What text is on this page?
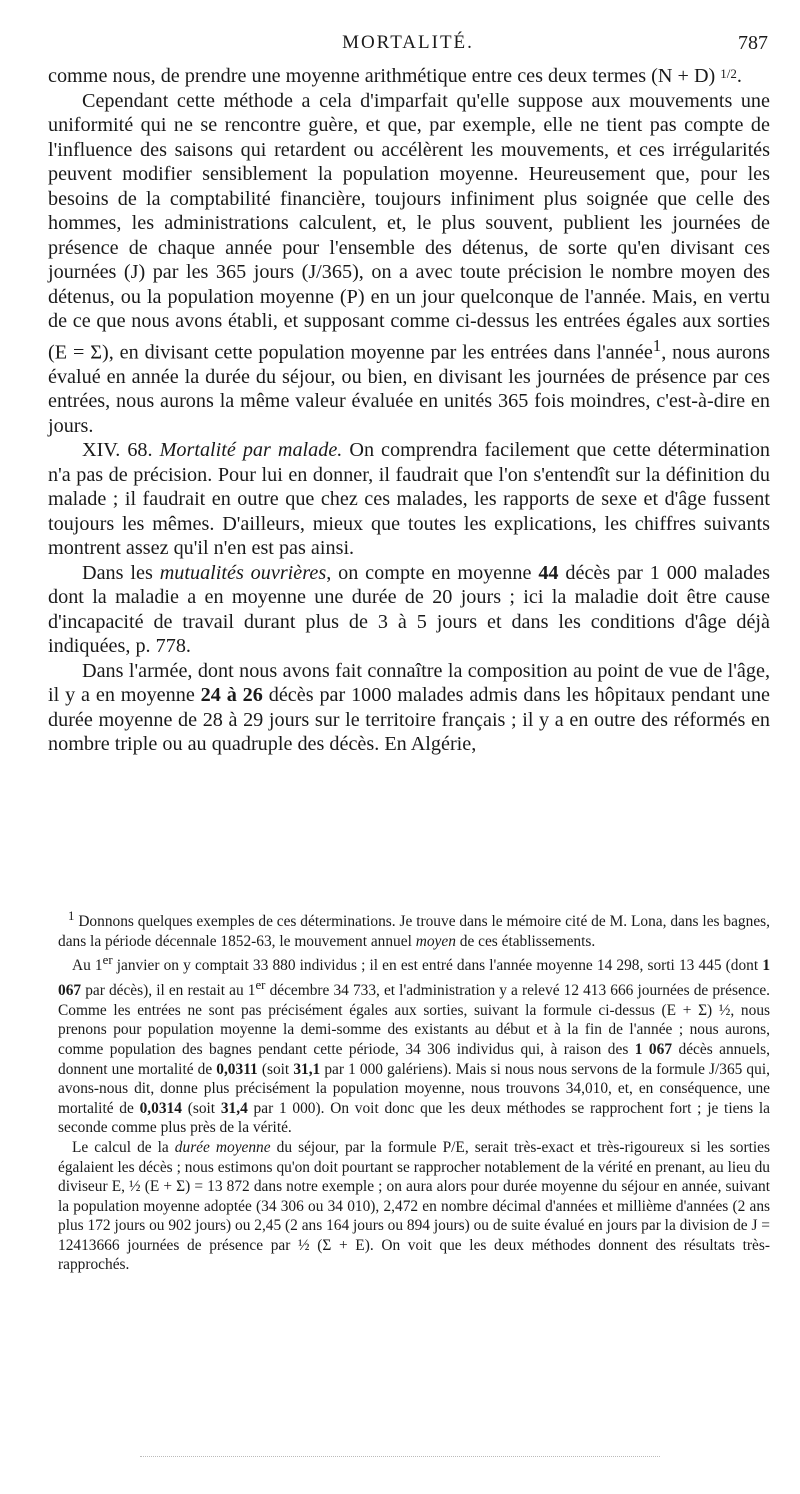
MORTALITÉ.	787

comme nous, de prendre une moyenne arithmétique entre ces deux termes (N + D) 1/2.

Cependant cette méthode a cela d'imparfait qu'elle suppose aux mouvements une uniformité qui ne se rencontre guère, et que, par exemple, elle ne tient pas compte de l'influence des saisons qui retardent ou accélèrent les mouvements, et ces irrégularités peuvent modifier sensiblement la population moyenne. Heureusement que, pour les besoins de la comptabilité financière, toujours infiniment plus soignée que celle des hommes, les administrations calculent, et, le plus souvent, publient les journées de présence de chaque année pour l'ensemble des détenus, de sorte qu'en divisant ces journées (J) par les 365 jours (J/365), on a avec toute précision le nombre moyen des détenus, ou la population moyenne (P) en un jour quelconque de l'année. Mais, en vertu de ce que nous avons établi, et supposant comme ci-dessus les entrées égales aux sorties (E = Σ), en divisant cette population moyenne par les entrées dans l'année$^1$, nous aurons évalué en année la durée du séjour, ou bien, en divisant les journées de présence par ces entrées, nous aurons la même valeur évaluée en unités 365 fois moindres, c'est-à-dire en jours.

XIV. 68. Mortalité par malade. On comprendra facilement que cette détermination n'a pas de précision. Pour lui en donner, il faudrait que l'on s'entendît sur la définition du malade ; il faudrait en outre que chez ces malades, les rapports de sexe et d'âge fussent toujours les mêmes. D'ailleurs, mieux que toutes les explications, les chiffres suivants montrent assez qu'il n'en est pas ainsi.

Dans les mutualités ouvrières, on compte en moyenne 44 décès par 1 000 malades dont la maladie a en moyenne une durée de 20 jours ; ici la maladie doit être cause d'incapacité de travail durant plus de 3 à 5 jours et dans les conditions d'âge déjà indiquées, p. 778.

Dans l'armée, dont nous avons fait connaître la composition au point de vue de l'âge, il y a en moyenne 24 à 26 décès par 1000 malades admis dans les hôpitaux pendant une durée moyenne de 28 à 29 jours sur le territoire français ; il y a en outre des réformés en nombre triple ou au quadruple des décès. En Algérie,

$^1$ Donnons quelques exemples de ces déterminations. Je trouve dans le mémoire cité de M. Lona, dans les bagnes, dans la période décennale 1852-63, le mouvement annuel moyen de ces établissements.

Au 1er janvier on y comptait 33 880 individus ; il en est entré dans l'année moyenne 14 298, sorti 13 445 (dont 1 067 par décès), il en restait au 1er décembre 34 733, et l'administration y a relevé 12 413 666 journées de présence. Comme les entrées ne sont pas précisément égales aux sorties, suivant la formule ci-dessus (E + Σ) ½, nous prenons pour population moyenne la demi-somme des existants au début et à la fin de l'année ; nous aurons, comme population des bagnes pendant cette période, 34 306 individus qui, à raison des 1 067 décès annuels, donnent une mortalité de 0,0311 (soit 31,1 par 1 000 galériens). Mais si nous nous servons de la formule J/365 qui, avons-nous dit, donne plus précisément la population moyenne, nous trouvons 34,010, et, en conséquence, une mortalité de 0,0314 (soit 31,4 par 1 000). On voit donc que les deux méthodes se rapprochent fort ; je tiens la seconde comme plus près de la vérité.

Le calcul de la durée moyenne du séjour, par la formule P/E, serait très-exact et très-rigoureux si les sorties égalaient les décès ; nous estimons qu'on doit pourtant se rapprocher notablement de la vérité en prenant, au lieu du diviseur E, ½ (E + Σ) = 13 872 dans notre exemple ; on aura alors pour durée moyenne du séjour en année, suivant la population moyenne adoptée (34 306 ou 34 010), 2,472 en nombre décimal d'années et millième d'années (2 ans plus 172 jours ou 902 jours) ou 2,45 (2 ans 164 jours ou 894 jours) ou de suite évalué en jours par la division de J = 12413666 journées de présence par ½ (Σ + E). On voit que les deux méthodes donnent des résultats très-rapprochés.
